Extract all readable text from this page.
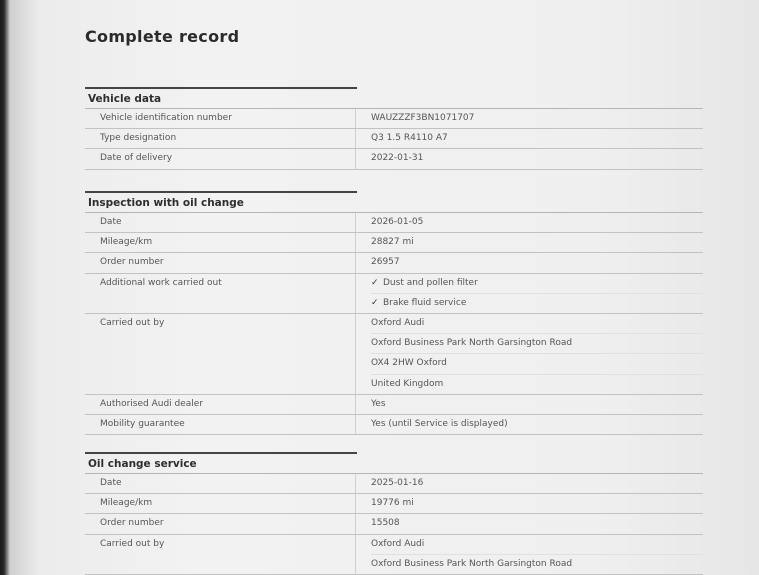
Complete record
Vehicle data
Vehicle identification number	WAUZZZF3BN1071707
Type designation	Q3 1.5 R4110 A7
Date of delivery	2022-01-31
Inspection with oil change
Date	2026-01-05
Mileage/km	28827 mi
Order number	26957
Additional work carried out	✓ Dust and pollen filter
✓ Brake fluid service
Carried out by	Oxford Audi
Oxford Business Park North Garsington Road
OX4 2HW Oxford
United Kingdom
Authorised Audi dealer	Yes
Mobility guarantee	Yes (until Service is displayed)
Oil change service
Date	2025-01-16
Mileage/km	19776 mi
Order number	15508
Carried out by	Oxford Audi
Oxford Business Park North Garsington Road
